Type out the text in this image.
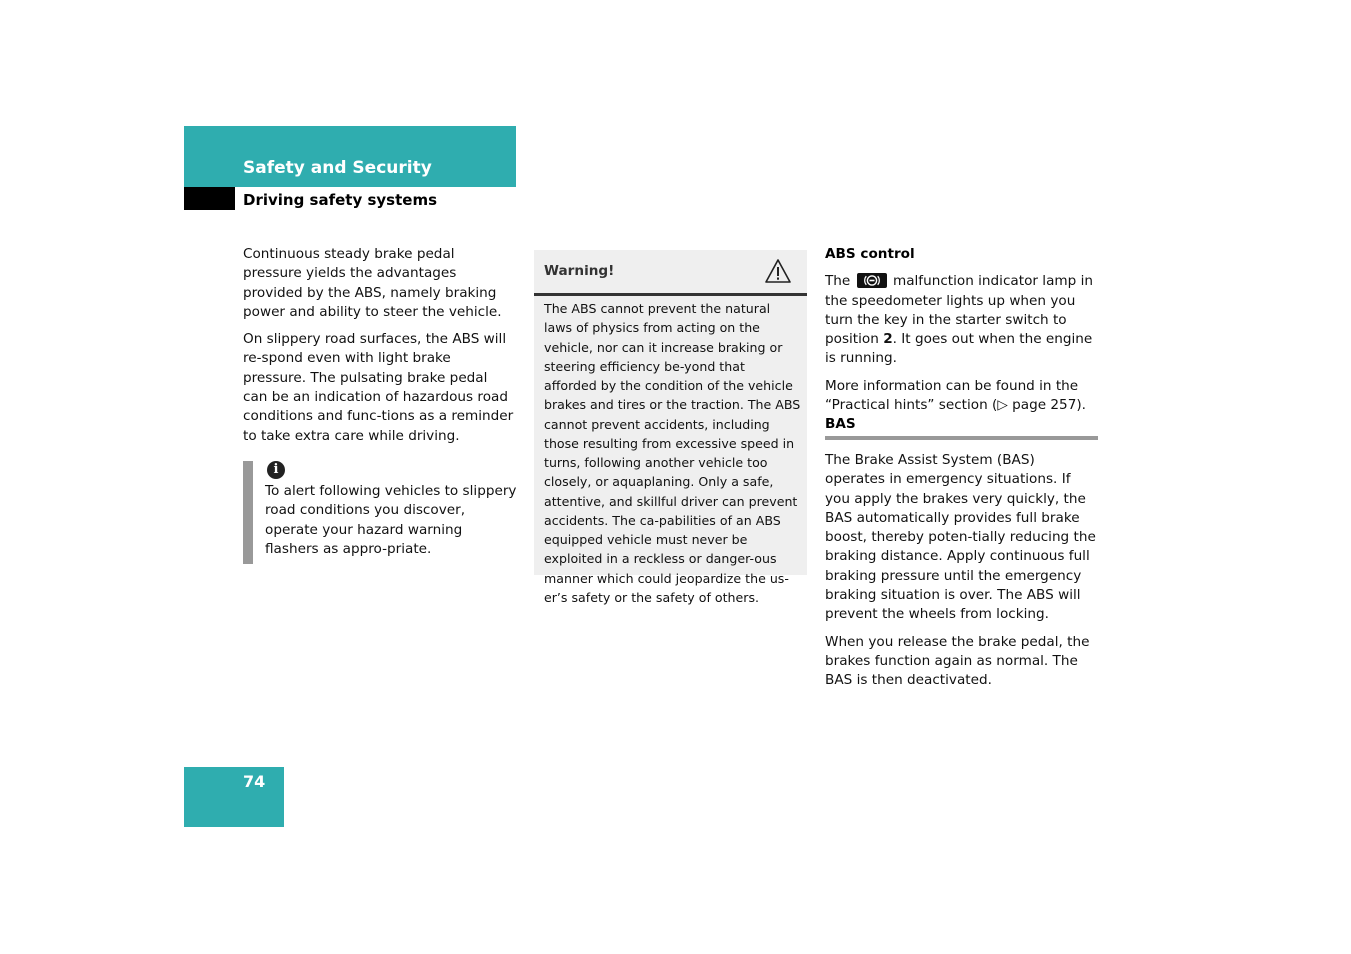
Safety and Security
Driving safety systems

Continuous steady brake pedal pressure yields the advantages provided by the ABS, namely braking power and ability to steer the vehicle.

On slippery road surfaces, the ABS will re-spond even with light brake pressure. The pulsating brake pedal can be an indication of hazardous road conditions and func-tions as a reminder to take extra care while driving.

i
To alert following vehicles to slippery road conditions you discover, operate your hazard warning flashers as appro-priate.
Warning!
The ABS cannot prevent the natural laws of physics from acting on the vehicle, nor can it increase braking or steering efficiency be-yond that afforded by the condition of the vehicle brakes and tires or the traction. The ABS cannot prevent accidents, including those resulting from excessive speed in turns, following another vehicle too closely, or aquaplaning. Only a safe, attentive, and skillful driver can prevent accidents. The ca-pabilities of an ABS equipped vehicle must never be exploited in a reckless or danger-ous manner which could jeopardize the us-er’s safety or the safety of others.

ABS control

The	malfunction indicator lamp in the speedometer lights up when you turn the key in the starter switch to position 2. It goes out when the engine is running.

More information can be found in the “Practical hints” section (▷ page 257).

BAS

The Brake Assist System (BAS) operates in emergency situations. If you apply the brakes very quickly, the BAS automatically provides full brake boost, thereby poten-tially reducing the braking distance. Apply continuous full braking pressure until the emergency braking situation is over. The ABS will prevent the wheels from locking.

When you release the brake pedal, the brakes function again as normal. The BAS is then deactivated.

74
